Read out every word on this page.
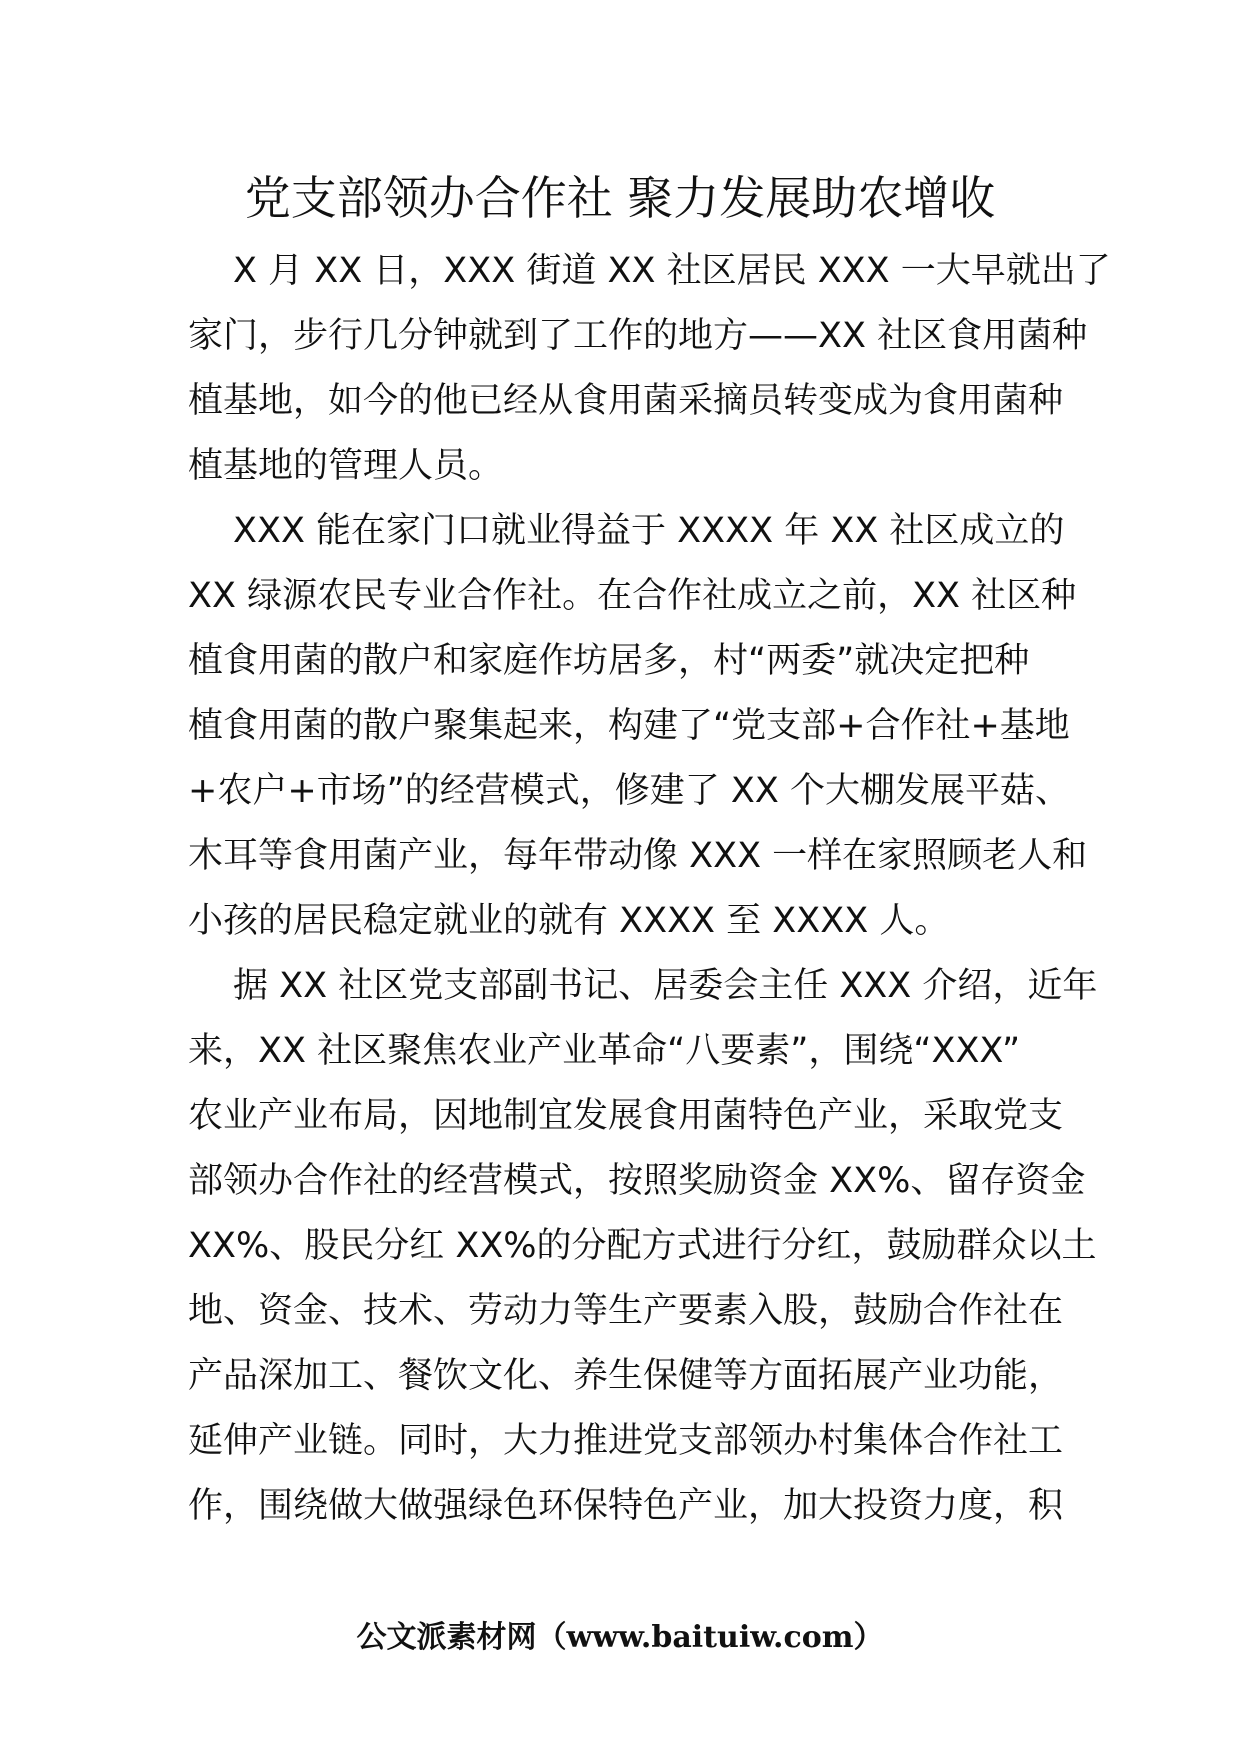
党支部领办合作社 聚力发展助农增收

X 月 XX 日，XXX 街道 XX 社区居民 XXX 一大早就出了

家门，步行几分钟就到了工作的地方——XX 社区食用菌种

植基地，如今的他已经从食用菌采摘员转变成为食用菌种

植基地的管理人员。

XXX 能在家门口就业得益于 XXXX 年 XX 社区成立的

XX 绿源农民专业合作社。在合作社成立之前，XX 社区种

植食用菌的散户和家庭作坊居多，村“两委”就决定把种

植食用菌的散户聚集起来，构建了“党支部+合作社+基地

+农户+市场”的经营模式，修建了 XX 个大棚发展平菇、

木耳等食用菌产业，每年带动像 XXX 一样在家照顾老人和

小孩的居民稳定就业的就有 XXXX 至 XXXX 人。

据 XX 社区党支部副书记、居委会主任 XXX 介绍，近年

来，XX 社区聚焦农业产业革命“八要素”，围绕“XXX”

农业产业布局，因地制宜发展食用菌特色产业，采取党支

部领办合作社的经营模式，按照奖励资金 XX%、留存资金

XX%、股民分红 XX%的分配方式进行分红，鼓励群众以土

地、资金、技术、劳动力等生产要素入股，鼓励合作社在

产品深加工、餐饮文化、养生保健等方面拓展产业功能，

延伸产业链。同时，大力推进党支部领办村集体合作社工

作，围绕做大做强绿色环保特色产业，加大投资力度，积

公文派素材网（www.baituiw.com）
